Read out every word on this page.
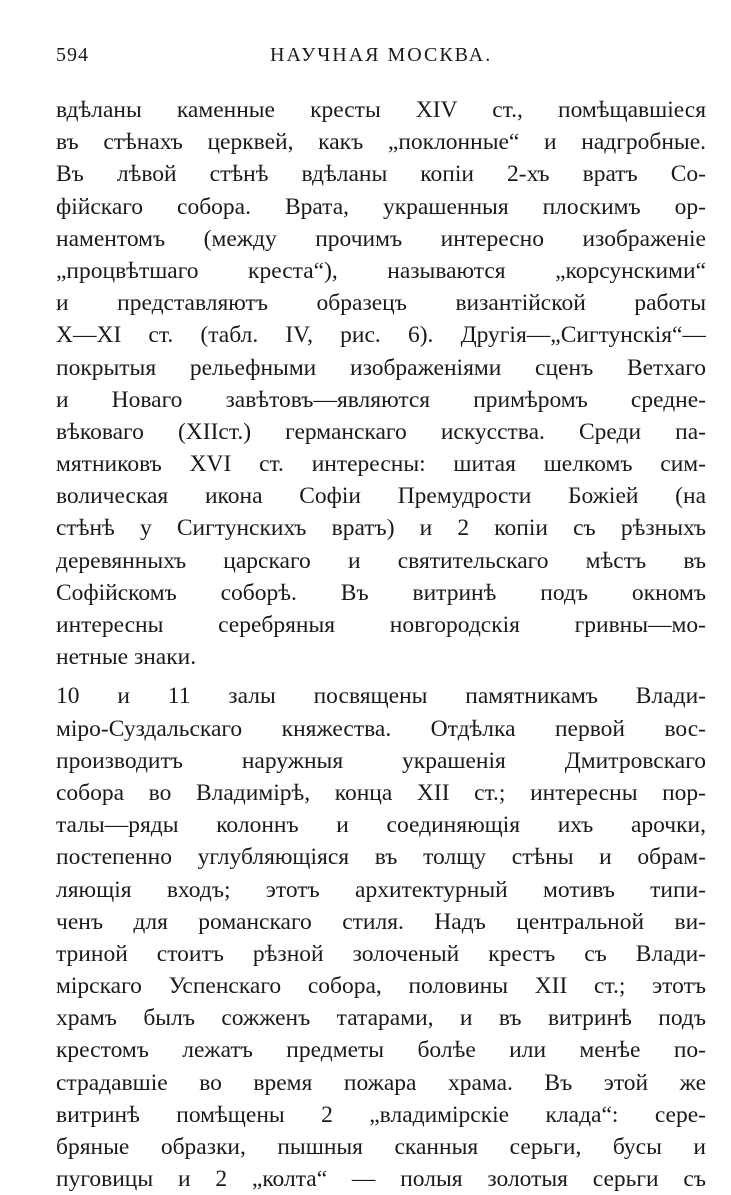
594	НАУЧНАЯ МОСКВА.
вдѣланы каменные кресты XIV ст., помѣщавшiеся
въ стѣнахъ церквей, какъ „поклонные“ и надгробные.
Въ лѣвой стѣнѣ вдѣланы копiи 2-хъ вратъ Со-
фiйскаго собора. Врата, украшенныя плоскимъ ор-
наментомъ (между прочимъ интересно изображенiе
„процвѣтшаго креста“), называются „корсунскими“
и представляютъ образецъ византiйской работы
X—XI ст. (табл. IV, рис. 6). Другiя—„Сигтунскiя“—
покрытыя рельефными изображенiями сценъ Ветхаго
и Новаго завѣтовъ—являются примѣромъ средне-
вѣковаго (XIIст.) германскаго искусства. Среди па-
мятниковъ XVI ст. интересны: шитая шелкомъ сим-
волическая икона Софiи Премудрости Божiей (на
стѣнѣ у Сигтунскихъ вратъ) и 2 копiи съ рѣзныхъ
деревянныхъ царскаго и святительскаго мѣстъ въ
Софiйскомъ соборѣ. Въ витринѣ подъ окномъ
интересны серебряныя новгородскiя гривны—мо-
нетные знаки.
10 и 11 залы посвящены памятникамъ Влади-
мiро-Суздальскаго княжества. Отдѣлка первой вос-
производитъ наружныя украшенiя Дмитровскаго
собора во Владимiрѣ, конца XII ст.; интересны пор-
талы—ряды колоннъ и соединяющiя ихъ арочки,
постепенно углубляющiяся въ толщу стѣны и обрам-
ляющiя входъ; этотъ архитектурный мотивъ типи-
ченъ для романскаго стиля. Надъ центральной ви-
триной стоитъ рѣзной золоченый крестъ съ Влади-
мiрскаго Успенскаго собора, половины XII ст.; этотъ
храмъ былъ сожженъ татарами, и въ витринѣ подъ
крестомъ лежатъ предметы болѣе или менѣе по-
страдавшiе во время пожара храма. Въ этой же
витринѣ помѣщены 2 „владимiрскiе клада“: сере-
бряные образки, пышныя сканныя серьги, бусы и
пуговицы и 2 „колта“ — полыя золотыя серьги съ
